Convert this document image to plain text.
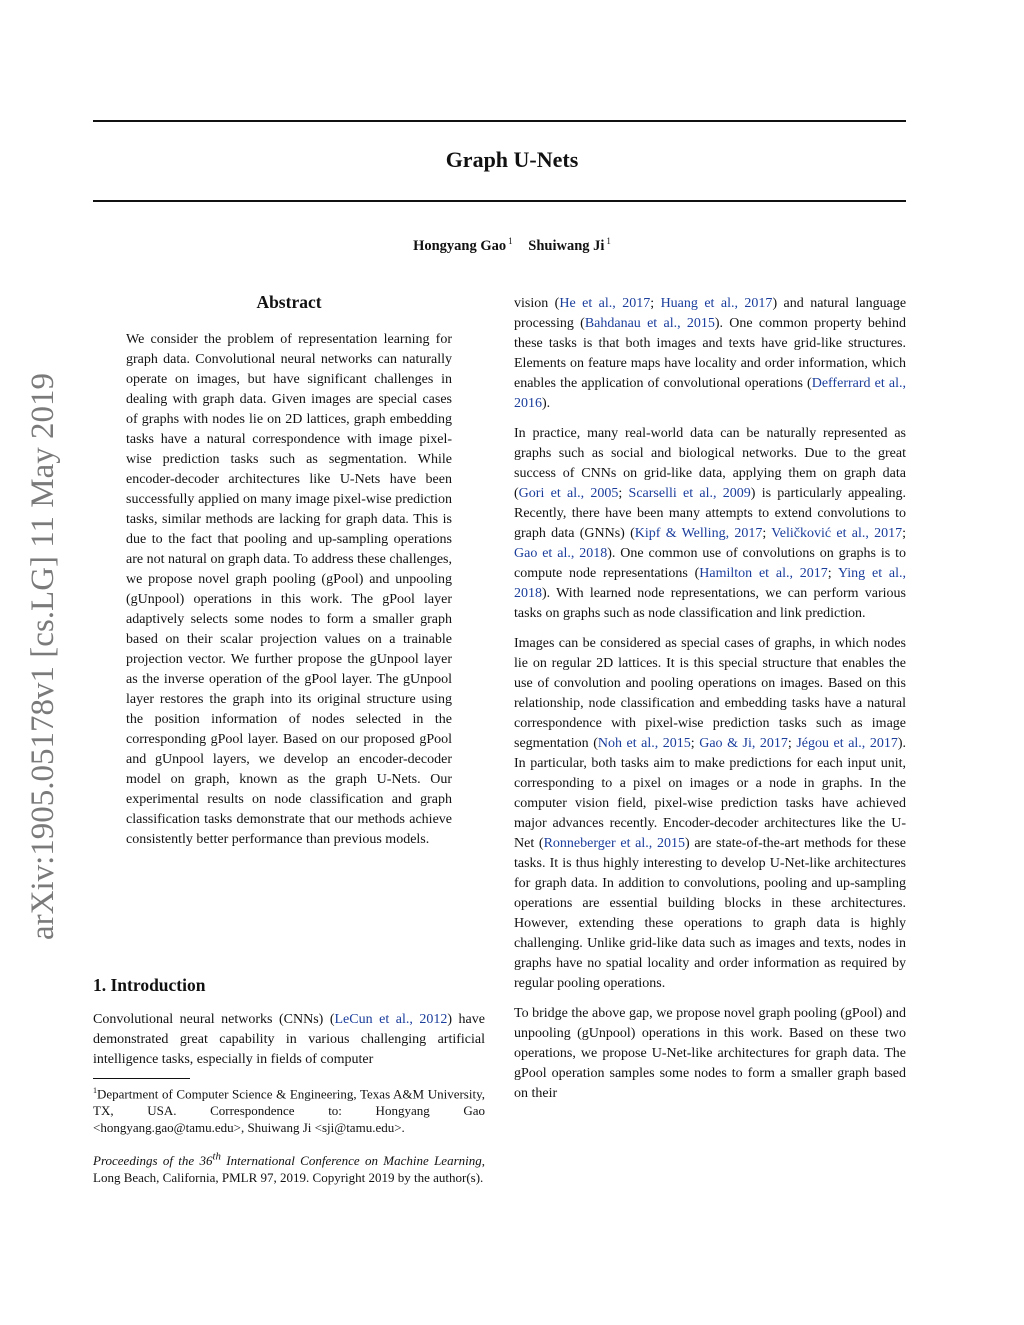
arXiv:1905.05178v1 [cs.LG] 11 May 2019
Graph U-Nets
Hongyang Gao $^1$ Shuiwang Ji $^1$
Abstract
We consider the problem of representation learning for graph data. Convolutional neural networks can naturally operate on images, but have significant challenges in dealing with graph data. Given images are special cases of graphs with nodes lie on 2D lattices, graph embedding tasks have a natural correspondence with image pixel-wise prediction tasks such as segmentation. While encoder-decoder architectures like U-Nets have been successfully applied on many image pixel-wise prediction tasks, similar methods are lacking for graph data. This is due to the fact that pooling and up-sampling operations are not natural on graph data. To address these challenges, we propose novel graph pooling (gPool) and unpooling (gUnpool) operations in this work. The gPool layer adaptively selects some nodes to form a smaller graph based on their scalar projection values on a trainable projection vector. We further propose the gUnpool layer as the inverse operation of the gPool layer. The gUnpool layer restores the graph into its original structure using the position information of nodes selected in the corresponding gPool layer. Based on our proposed gPool and gUnpool layers, we develop an encoder-decoder model on graph, known as the graph U-Nets. Our experimental results on node classification and graph classification tasks demonstrate that our methods achieve consistently better performance than previous models.
1. Introduction
Convolutional neural networks (CNNs) (LeCun et al., 2012) have demonstrated great capability in various challenging artificial intelligence tasks, especially in fields of computer
$^1$Department of Computer Science & Engineering, Texas A&M University, TX, USA. Correspondence to: Hongyang Gao <hongyang.gao@tamu.edu>, Shuiwang Ji <sji@tamu.edu>.
Proceedings of the 36th International Conference on Machine Learning, Long Beach, California, PMLR 97, 2019. Copyright 2019 by the author(s).

vision (He et al., 2017; Huang et al., 2017) and natural language processing (Bahdanau et al., 2015). One common property behind these tasks is that both images and texts have grid-like structures. Elements on feature maps have locality and order information, which enables the application of convolutional operations (Defferrard et al., 2016).

In practice, many real-world data can be naturally represented as graphs such as social and biological networks. Due to the great success of CNNs on grid-like data, applying them on graph data (Gori et al., 2005; Scarselli et al., 2009) is particularly appealing. Recently, there have been many attempts to extend convolutions to graph data (GNNs) (Kipf & Welling, 2017; Veličković et al., 2017; Gao et al., 2018). One common use of convolutions on graphs is to compute node representations (Hamilton et al., 2017; Ying et al., 2018). With learned node representations, we can perform various tasks on graphs such as node classification and link prediction.

Images can be considered as special cases of graphs, in which nodes lie on regular 2D lattices. It is this special structure that enables the use of convolution and pooling operations on images. Based on this relationship, node classification and embedding tasks have a natural correspondence with pixel-wise prediction tasks such as image segmentation (Noh et al., 2015; Gao & Ji, 2017; Jégou et al., 2017). In particular, both tasks aim to make predictions for each input unit, corresponding to a pixel on images or a node in graphs. In the computer vision field, pixel-wise prediction tasks have achieved major advances recently. Encoder-decoder architectures like the U-Net (Ronneberger et al., 2015) are state-of-the-art methods for these tasks. It is thus highly interesting to develop U-Net-like architectures for graph data. In addition to convolutions, pooling and up-sampling operations are essential building blocks in these architectures. However, extending these operations to graph data is highly challenging. Unlike grid-like data such as images and texts, nodes in graphs have no spatial locality and order information as required by regular pooling operations.

To bridge the above gap, we propose novel graph pooling (gPool) and unpooling (gUnpool) operations in this work. Based on these two operations, we propose U-Net-like architectures for graph data. The gPool operation samples some nodes to form a smaller graph based on their
